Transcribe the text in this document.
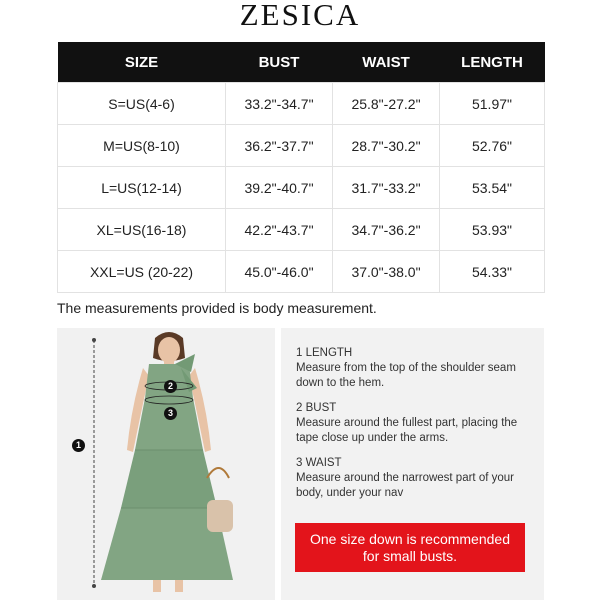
ZESICA
SIZE	BUST	WAIST	LENGTH
S=US(4-6)	33.2"-34.7"	25.8"-27.2"	51.97"
M=US(8-10)	36.2"-37.7"	28.7"-30.2"	52.76"
L=US(12-14)	39.2"-40.7"	31.7"-33.2"	53.54"
XL=US(16-18)	42.2"-43.7"	34.7"-36.2"	53.93"
XXL=US (20-22)	45.0"-46.0"	37.0"-38.0"	54.33"
The measurements provided is body measurement.
1
2
3
1 LENGTH
Measure from the top of the shoulder seam down to the hem.
2 BUST
Measure around the fullest part, placing the tape close up under the arms.
3 WAIST
Measure around the narrowest part of your body, under your nav
One size down is recommended
for small busts.
